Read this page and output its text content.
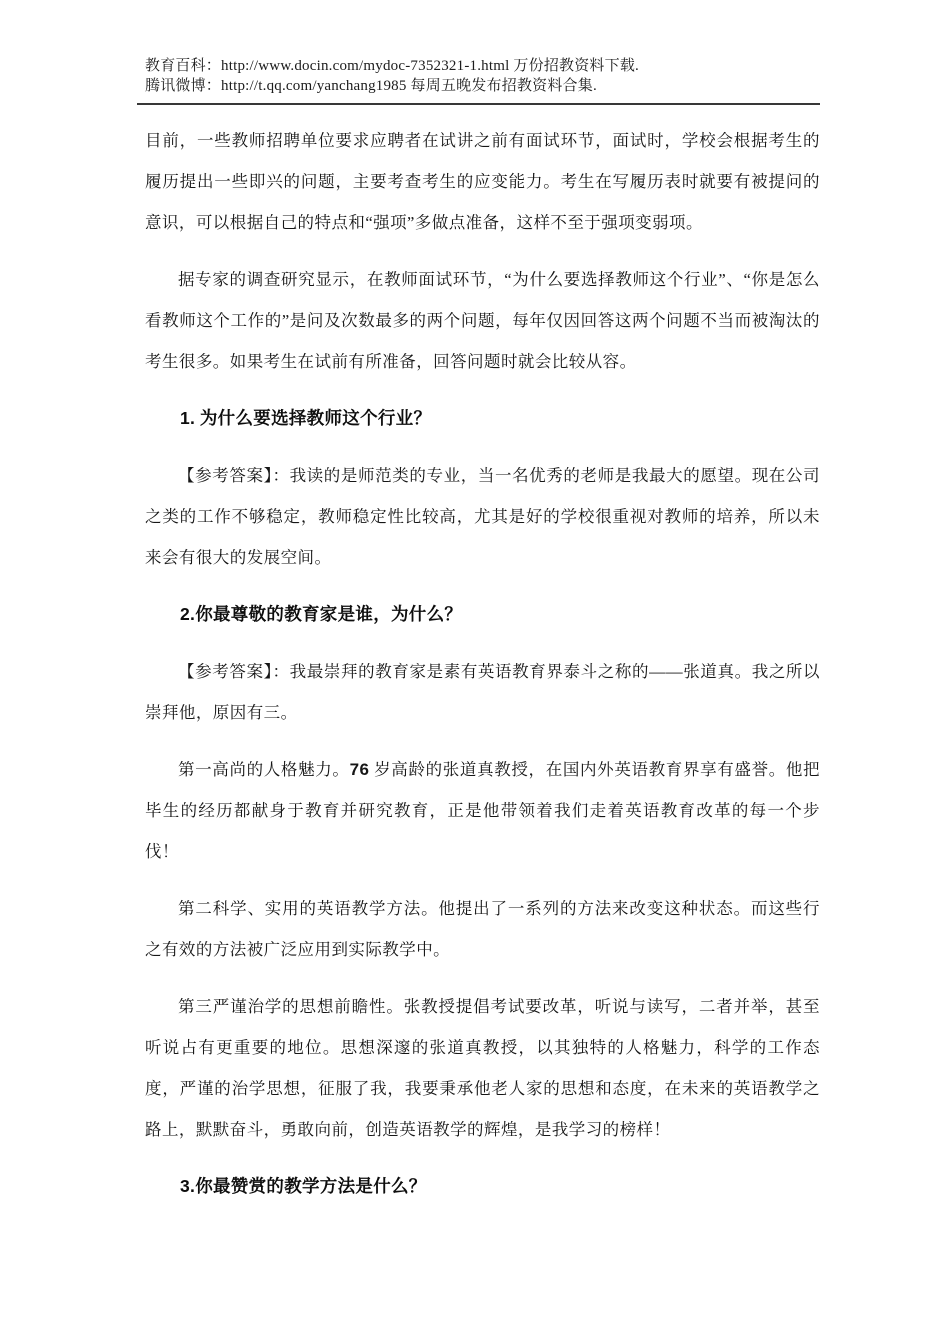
教育百科：http://www.docin.com/mydoc-7352321-1.html 万份招教资料下载.
腾讯微博：http://t.qq.com/yanchang1985 每周五晚发布招教资料合集.

目前，一些教师招聘单位要求应聘者在试讲之前有面试环节，面试时，学校会根据考生的履历提出一些即兴的问题，主要考查考生的应变能力。考生在写履历表时就要有被提问的意识，可以根据自己的特点和“强项”多做点准备，这样不至于强项变弱项。

据专家的调查研究显示，在教师面试环节，“为什么要选择教师这个行业”、“你是怎么看教师这个工作的”是问及次数最多的两个问题，每年仅因回答这两个问题不当而被淘汰的考生很多。如果考生在试前有所准备，回答问题时就会比较从容。

1. 为什么要选择教师这个行业？

【参考答案】：我读的是师范类的专业，当一名优秀的老师是我最大的愿望。现在公司之类的工作不够稳定，教师稳定性比较高，尤其是好的学校很重视对教师的培养，所以未来会有很大的发展空间。

2.你最尊敬的教育家是谁，为什么？

【参考答案】：我最崇拜的教育家是素有英语教育界泰斗之称的——张道真。我之所以崇拜他，原因有三。

第一高尚的人格魅力。76 岁高龄的张道真教授，在国内外英语教育界享有盛誉。他把毕生的经历都献身于教育并研究教育，正是他带领着我们走着英语教育改革的每一个步伐！

第二科学、实用的英语教学方法。他提出了一系列的方法来改变这种状态。而这些行之有效的方法被广泛应用到实际教学中。

第三严谨治学的思想前瞻性。张教授提倡考试要改革，听说与读写，二者并举，甚至听说占有更重要的地位。思想深邃的张道真教授，以其独特的人格魅力，科学的工作态度，严谨的治学思想，征服了我，我要秉承他老人家的思想和态度，在未来的英语教学之路上，默默奋斗，勇敢向前，创造英语教学的辉煌，是我学习的榜样！

3.你最赞赏的教学方法是什么？
